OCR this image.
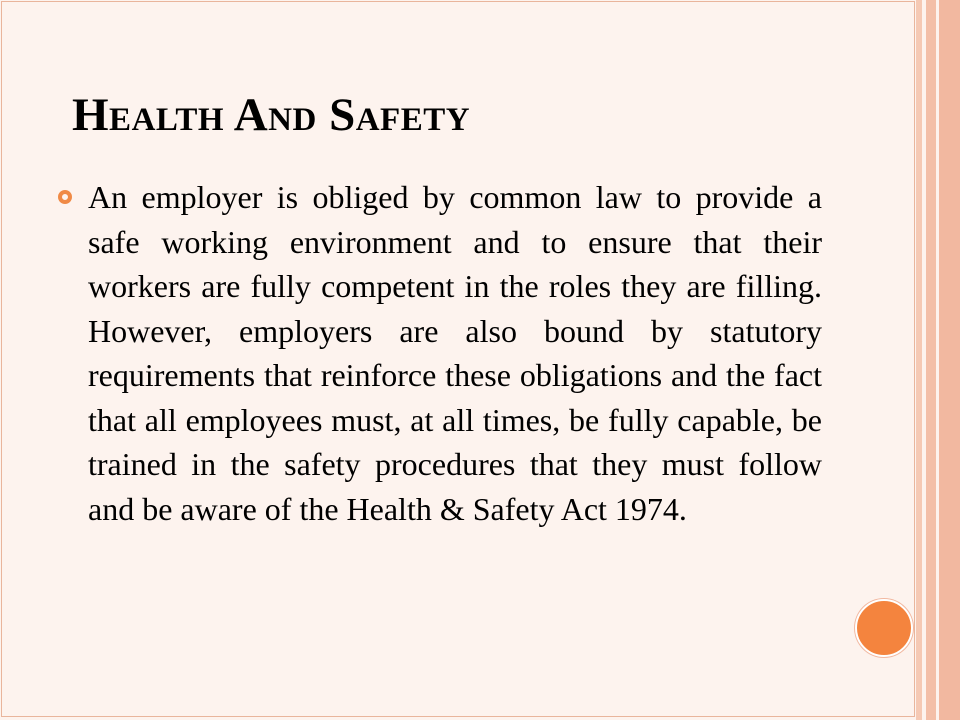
Health And Safety

An employer is obliged by common law to provide a safe working environment and to ensure that their workers are fully competent in the roles they are filling. However, employers are also bound by statutory requirements that reinforce these obligations and the fact that all employees must, at all times, be fully capable, be trained in the safety procedures that they must follow and be aware of the Health & Safety Act 1974.
